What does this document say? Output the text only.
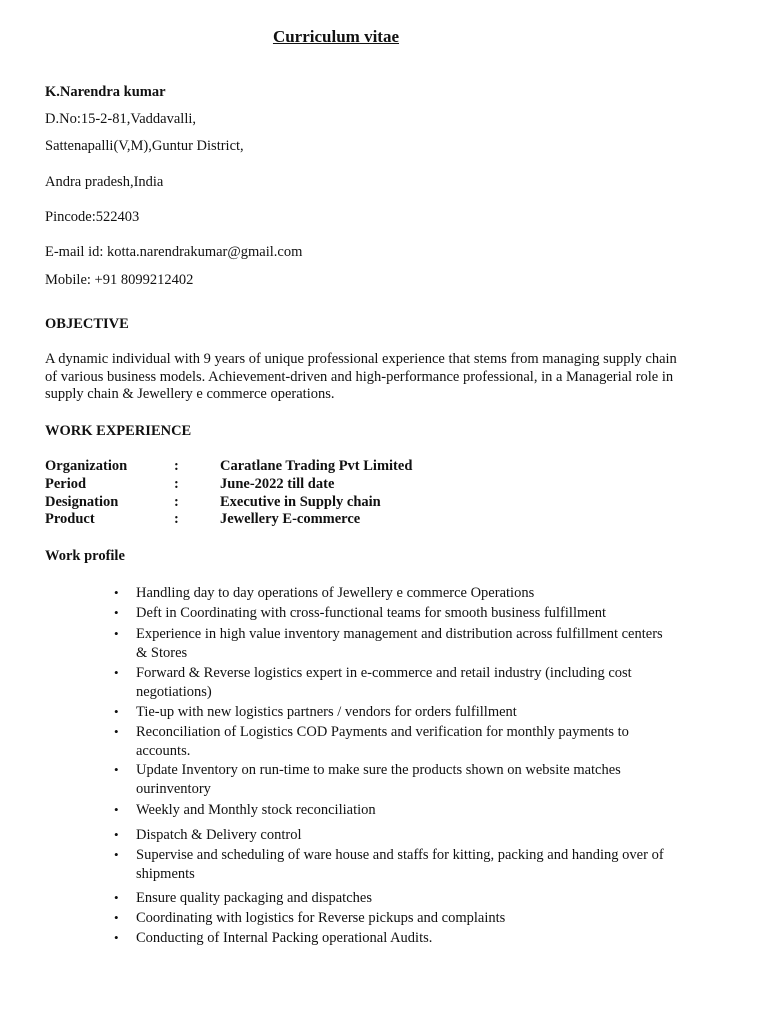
Curriculum vitae
K.Narendra kumar
D.No:15-2-81,Vaddavalli,
Sattenapalli(V,M),Guntur District,
Andra pradesh,India
Pincode:522403
E-mail id: kotta.narendrakumar@gmail.com
Mobile: +91 8099212402
OBJECTIVE
A dynamic individual with 9 years of unique professional experience that stems from managing supply chain of various business models. Achievement-driven and high-performance professional, in a Managerial role in supply chain & Jewellery e commerce operations.
WORK EXPERIENCE
Organization	:	Caratlane Trading Pvt Limited
Period	:	June-2022 till date
Designation	:	Executive in Supply chain
Product	:	Jewellery E-commerce
Work profile
• Handling day to day operations of Jewellery e commerce Operations
• Deft in Coordinating with cross-functional teams for smooth business fulfillment
• Experience in high value inventory management and distribution across fulfillment centers & Stores
• Forward & Reverse logistics expert in e-commerce and retail industry (including cost negotiations)
• Tie-up with new logistics partners / vendors for orders fulfillment
• Reconciliation of Logistics COD Payments and verification for monthly payments to accounts.
• Update Inventory on run-time to make sure the products shown on website matches ourinventory
• Weekly and Monthly stock reconciliation
• Dispatch & Delivery control
• Supervise and scheduling of ware house and staffs for kitting, packing and handing over of shipments
• Ensure quality packaging and dispatches
• Coordinating with logistics for Reverse pickups and complaints
• Conducting of Internal Packing operational Audits.
